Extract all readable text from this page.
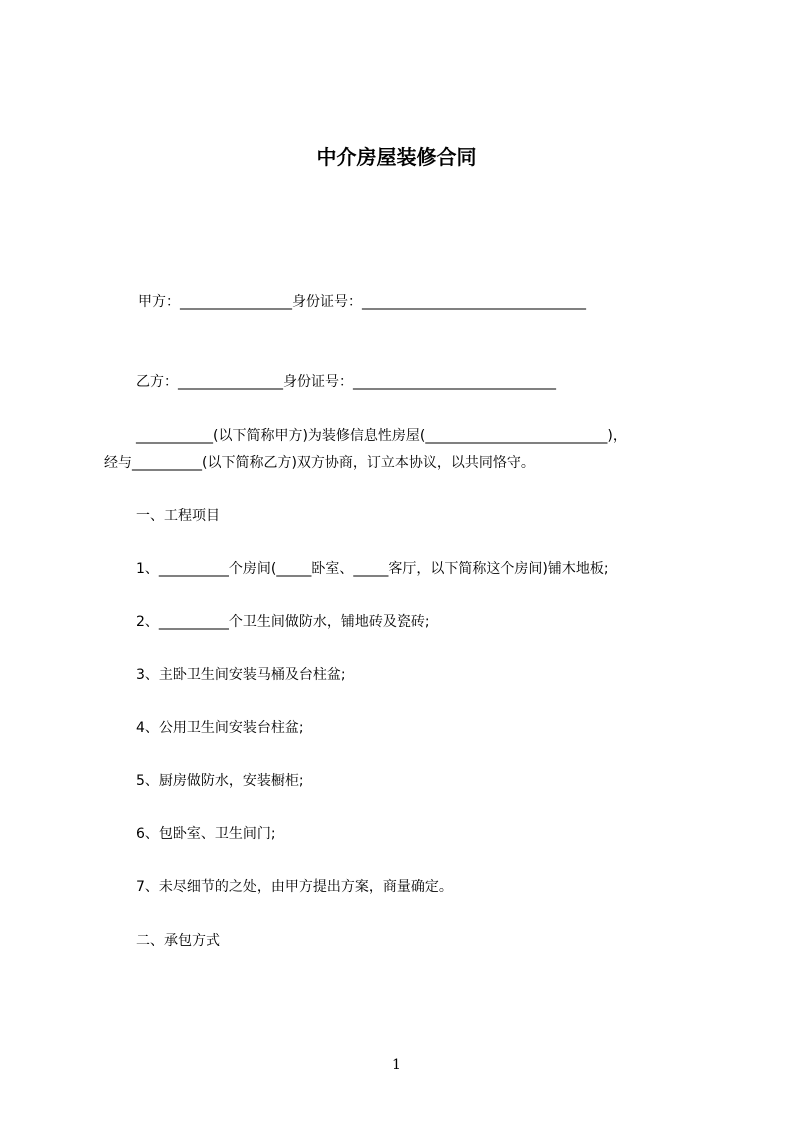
中介房屋装修合同
甲方：________________身份证号：________________________________
乙方：_______________身份证号：_____________________________
___________(以下简称甲方)为装修信息性房屋(__________________________)，
经与__________(以下简称乙方)双方协商，订立本协议，以共同恪守。
一、工程项目
1、__________个房间(_____卧室、_____客厅，以下简称这个房间)铺木地板;
2、__________个卫生间做防水，铺地砖及瓷砖;
3、主卧卫生间安装马桶及台柱盆;
4、公用卫生间安装台柱盆;
5、厨房做防水，安装橱柜;
6、包卧室、卫生间门;
7、未尽细节的之处，由甲方提出方案，商量确定。
二、承包方式
1
